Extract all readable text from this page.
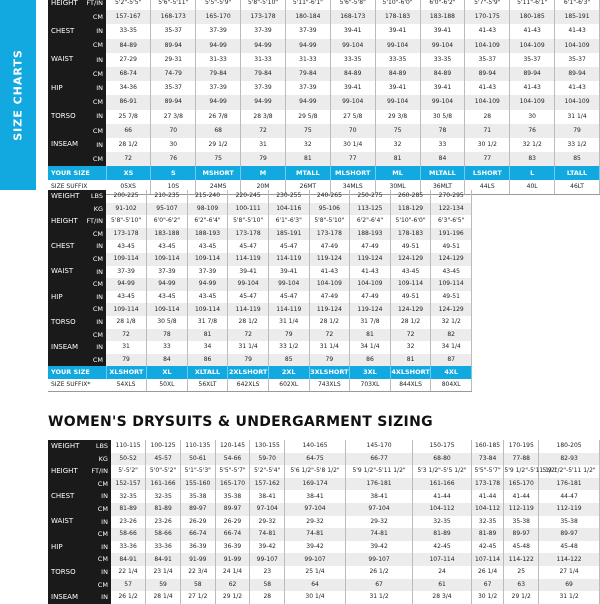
SIZE CHARTS
HEIGHT	FT/IN	5'2"-5'5"	5'6"-5'11"	5'5"-5'9"	5'8"-5'10"	5'11"-6'1"	5'6"-5'8"	5'10"-6'0"	6'0"-6'2"	5'7"-5'9"	5'11"-6'1"	6'1"-6'3"
	CM	157-167	168-173	165-170	173-178	180-184	168-173	178-183	183-188	170-175	180-185	185-191
CHEST	IN	33-35	35-37	37-39	37-39	37-39	39-41	39-41	39-41	41-43	41-43	41-43
	CM	84-89	89-94	94-99	94-99	94-99	99-104	99-104	99-104	104-109	104-109	104-109
WAIST	IN	27-29	29-31	31-33	31-33	31-33	33-35	33-35	33-35	35-37	35-37	35-37
	CM	68-74	74-79	79-84	79-84	79-84	84-89	84-89	84-89	89-94	89-94	89-94
HIP	IN	34-36	35-37	37-39	37-39	37-39	39-41	39-41	39-41	41-43	41-43	41-43
	CM	86-91	89-94	94-99	94-99	94-99	99-104	99-104	99-104	104-109	104-109	104-109
TORSO	IN	25 7/8	27 3/8	26 7/8	28 3/8	29 5/8	27 5/8	29 3/8	30 5/8	28	30	31 1/4
	CM	66	70	68	72	75	70	75	78	71	76	79
INSEAM	IN	28 1/2	30	29 1/2	31	32	30 1/4	32	33	30 1/2	32 1/2	33 1/2
	CM	72	76	75	79	81	77	81	84	77	83	85
YOUR SIZE		XS	S	MSHORT	M	MTALL	MLSHORT	ML	MLTALL	LSHORT	L	LTALL
SIZE SUFFIX		05XS	10S	24MS	20M	26MT	34MLS	30ML	36MLT	44LS	40L	46LT
WEIGHT	LBS	200-225	210-235	215-240	220-245	230-255	240-265	250-275	260-285	270-295
	KG	91-102	95-107	98-109	100-111	104-116	95-106	113-125	118-129	122-134
HEIGHT	FT/IN	5'8"-5'10"	6'0"-6'2"	6'2"-6'4"	5'8"-5'10"	6'1"-6'3"	5'8"-5'10"	6'2"-6'4"	5'10"-6'0"	6'3"-6'5"
	CM	173-178	183-188	188-193	173-178	185-191	173-178	188-193	178-183	191-196
CHEST	IN	43-45	43-45	43-45	45-47	45-47	47-49	47-49	49-51	49-51
	CM	109-114	109-114	109-114	114-119	114-119	119-124	119-124	124-129	124-129
WAIST	IN	37-39	37-39	37-39	39-41	39-41	41-43	41-43	43-45	43-45
	CM	94-99	94-99	94-99	99-104	99-104	104-109	104-109	109-114	109-114
HIP	IN	43-45	43-45	43-45	45-47	45-47	47-49	47-49	49-51	49-51
	CM	109-114	109-114	109-114	114-119	114-119	119-124	119-124	124-129	124-129
TORSO	IN	28 1/8	30 5/8	31 7/8	28 1/2	31 1/4	28 1/2	31 7/8	28 1/2	32 1/2
	CM	72	78	81	72	79	72	81	72	82
INSEAM	IN	31	33	34	31 1/4	33 1/2	31 1/4	34 1/4	32	34 1/4
	CM	79	84	86	79	85	79	86	81	87
YOUR SIZE		XLSHORT	XL	XLTALL	2XLSHORT	2XL	3XLSHORT	3XL	4XLSHORT	4XL
SIZE SUFFIX*		54XLS	50XL	56XLT	642XLS	602XL	743XLS	703XL	844XLS	804XL
WOMEN'S DRYSUITS & UNDERGARMENT SIZING
WEIGHT	LBS	110-115	100-125	110-135	120-145	130-155	140-165	145-170	150-175	160-185	170-195	180-205
	KG	50-52	45-57	50-61	54-66	59-70	64-75	66-77	68-80	73-84	77-88	82-93
HEIGHT	FT/IN	5'-5'2"	5'0"-5'2"	5'1"-5'3"	5'5"-5'7"	5'2"-5'4"	5'6 1/2"-5'8 1/2"	5'9 1/2"-5'11 1/2"	5'3 1/2"-5'5 1/2"	5'5"-5'7"	5'9 1/2"-5'11 1/2"	5'9 1/2"-5'11 1/2"
	CM	152-157	161-166	155-160	165-170	157-162	169-174	176-181	161-166	173-178	165-170	176-181
CHEST	IN	32-35	32-35	35-38	35-38	38-41	38-41	38-41	41-44	41-44	41-44	44-47
	CM	81-89	81-89	89-97	89-97	97-104	97-104	97-104	104-112	104-112	112-119	112-119
WAIST	IN	23-26	23-26	26-29	26-29	29-32	29-32	29-32	32-35	32-35	35-38	35-38
	CM	58-66	58-66	66-74	66-74	74-81	74-81	74-81	81-89	81-89	89-97	89-97
HIP	IN	33-36	33-36	36-39	36-39	39-42	39-42	39-42	42-45	42-45	45-48	45-48
	CM	84-91	84-91	91-99	91-99	99-107	99-107	99-107	107-114	107-114	114-122	114-122
TORSO	IN	22 1/4	23 1/4	22 3/4	24 1/4	23	25 1/4	26 1/2	24	26 1/4	25	27 1/4
	CM	57	59	58	62	58	64	67	61	67	63	69
INSEAM	IN	26 1/2	28 1/4	27 1/2	29 1/2	28	30 1/4	31 1/2	28 3/4	30 1/2	29 1/2	31 1/2
